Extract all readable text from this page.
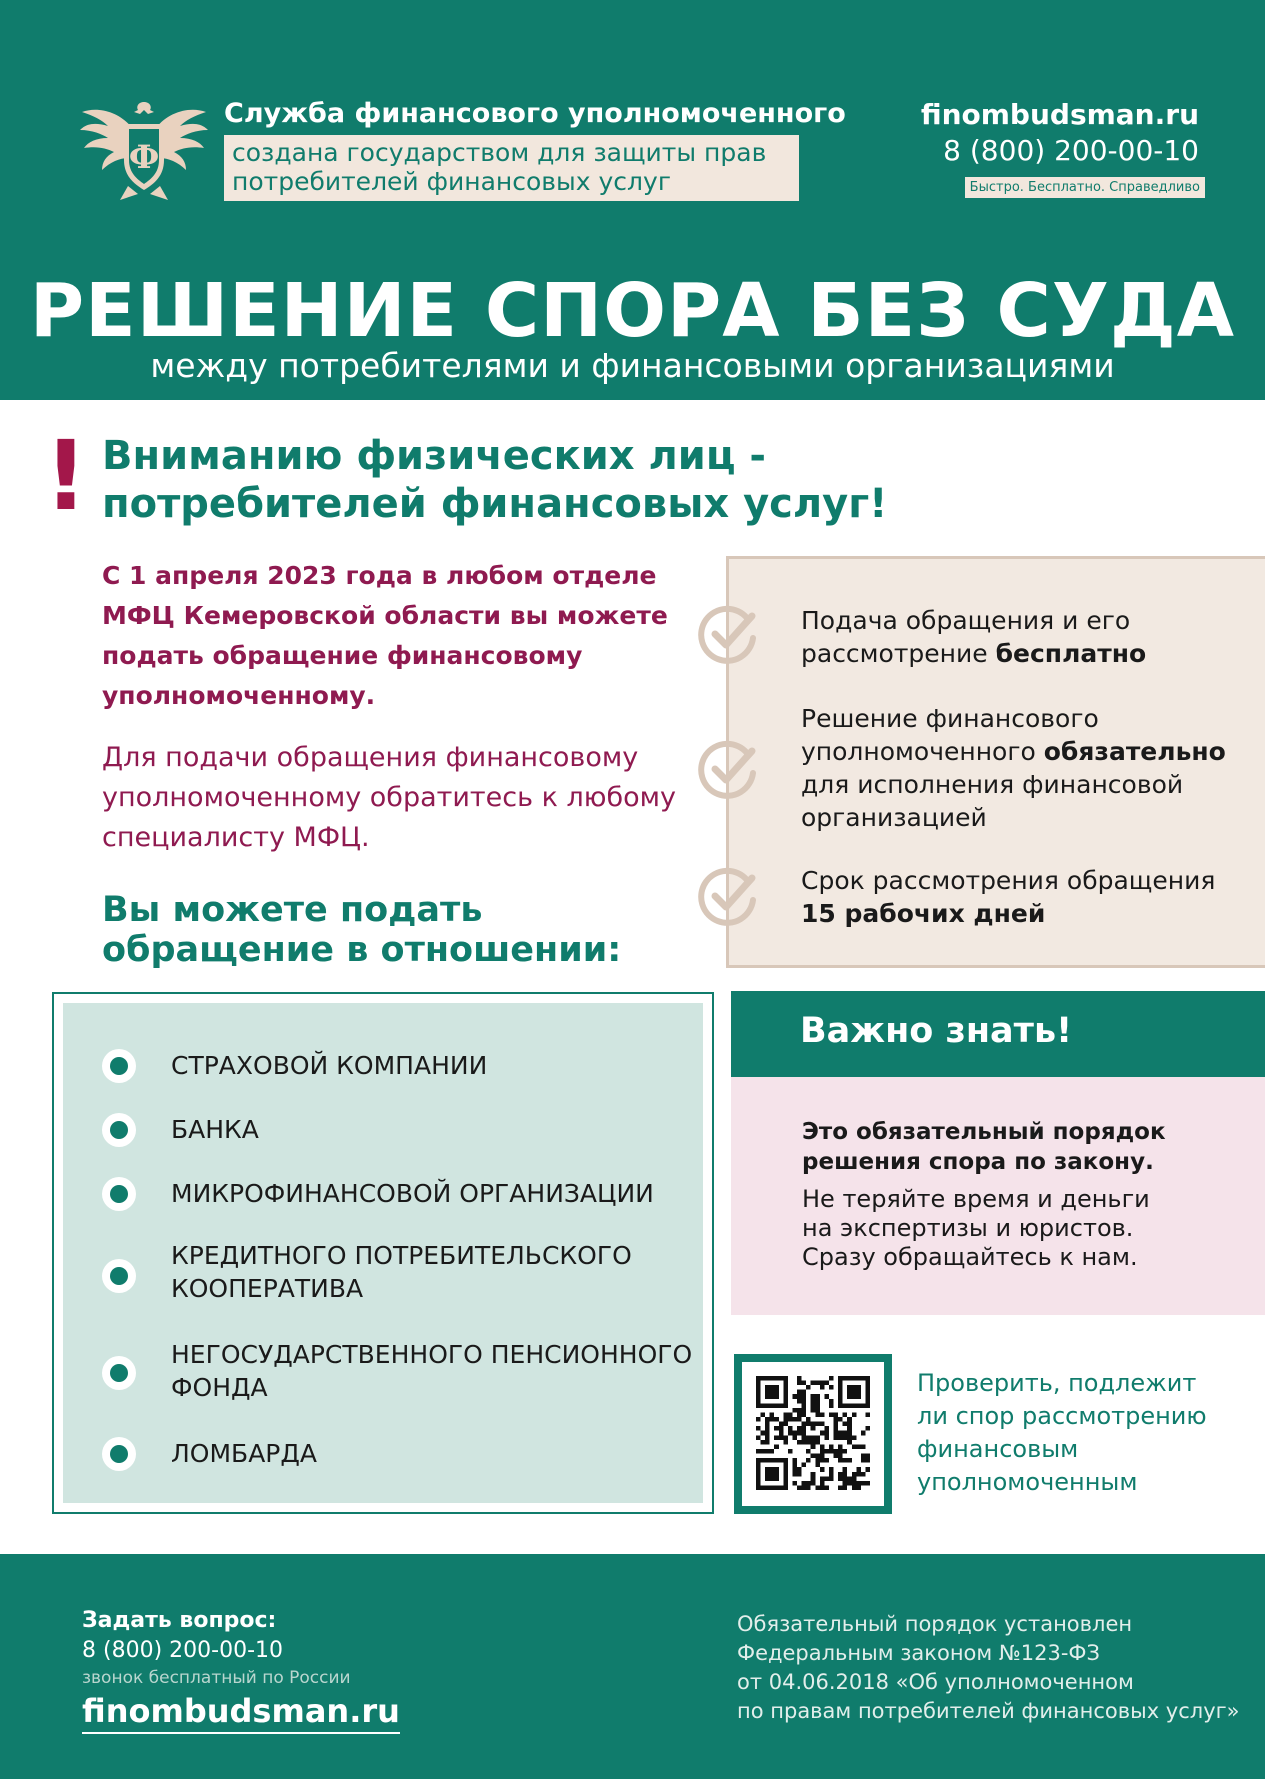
Ф
Служба финансового уполномоченного
создана государством для защиты прав
потребителей финансовых услуг
finombudsman.ru
8 (800) 200-00-10
Быстро. Бесплатно. Справедливо
РЕШЕНИЕ СПОРА БЕЗ СУДА
между потребителями и финансовыми организациями
! Вниманию физических лиц -
потребителей финансовых услуг!
С 1 апреля 2023 года в любом отделе
МФЦ Кемеровской области вы можете
подать обращение финансовому
уполномоченному.
Для подачи обращения финансовому
уполномоченному обратитесь к любому
специалисту МФЦ.
Вы можете подать
обращение в отношении:
Подача обращения и его
рассмотрение бесплатно
Решение финансового
уполномоченного обязательно
для исполнения финансовой
организацией
Срок рассмотрения обращения
15 рабочих дней
СТРАХОВОЙ КОМПАНИИ
БАНКА
МИКРОФИНАНСОВОЙ ОРГАНИЗАЦИИ
КРЕДИТНОГО ПОТРЕБИТЕЛЬСКОГО
КООПЕРАТИВА
НЕГОСУДАРСТВЕННОГО ПЕНСИОННОГО
ФОНДА
ЛОМБАРДА
Важно знать!
Это обязательный порядок
решения спора по закону.
Не теряйте время и деньги
на экспертизы и юристов.
Сразу обращайтесь к нам.
Проверить, подлежит
ли спор рассмотрению
финансовым
уполномоченным
Задать вопрос:
8 (800) 200-00-10
звонок бесплатный по России
finombudsman.ru
Обязательный порядок установлен
Федеральным законом №123-ФЗ
от 04.06.2018 «Об уполномоченном
по правам потребителей финансовых услуг»
